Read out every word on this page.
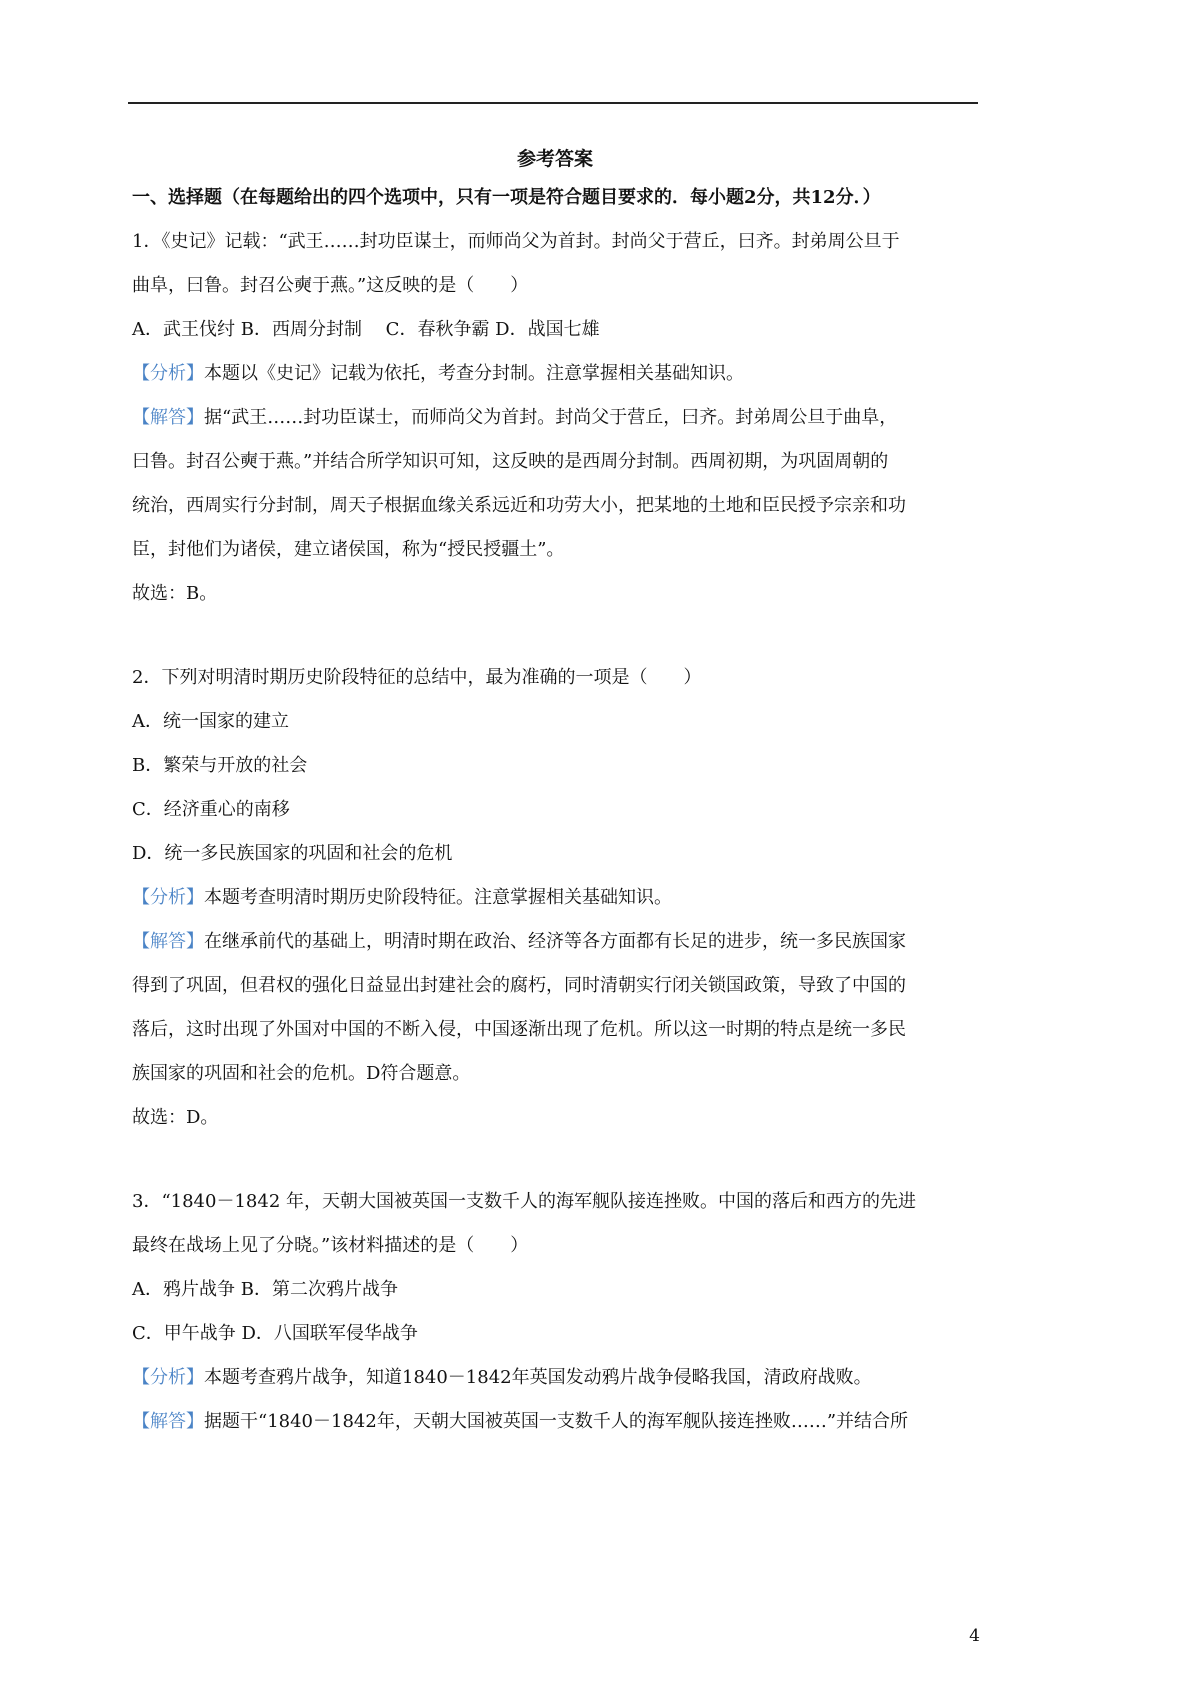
参考答案
一、选择题（在每题给出的四个选项中，只有一项是符合题目要求的．每小题2分，共12分．）
1．《史记》记载：“武王……封功臣谋士，而师尚父为首封。封尚父于营丘，曰齐。封弟周公旦于
曲阜，曰鲁。封召公奭于燕。”这反映的是（　　）
A．武王伐纣 B．西周分封制　 C．春秋争霸 D．战国七雄
【分析】本题以《史记》记载为依托，考查分封制。注意掌握相关基础知识。
【解答】据“武王……封功臣谋士，而师尚父为首封。封尚父于营丘，曰齐。封弟周公旦于曲阜，
曰鲁。封召公奭于燕。”并结合所学知识可知，这反映的是西周分封制。西周初期，为巩固周朝的
统治，西周实行分封制，周天子根据血缘关系远近和功劳大小，把某地的土地和臣民授予宗亲和功
臣，封他们为诸侯，建立诸侯国，称为“授民授疆土”。
故选：B。
2．下列对明清时期历史阶段特征的总结中，最为准确的一项是（　　）
A．统一国家的建立
B．繁荣与开放的社会
C．经济重心的南移
D．统一多民族国家的巩固和社会的危机
【分析】本题考查明清时期历史阶段特征。注意掌握相关基础知识。
【解答】在继承前代的基础上，明清时期在政治、经济等各方面都有长足的进步，统一多民族国家
得到了巩固，但君权的强化日益显出封建社会的腐朽，同时清朝实行闭关锁国政策，导致了中国的
落后，这时出现了外国对中国的不断入侵，中国逐渐出现了危机。所以这一时期的特点是统一多民
族国家的巩固和社会的危机。D符合题意。
故选：D。
3．“1840－1842 年，天朝大国被英国一支数千人的海军舰队接连挫败。中国的落后和西方的先进
最终在战场上见了分晓。”该材料描述的是（　　）
A．鸦片战争 B．第二次鸦片战争
C．甲午战争 D．八国联军侵华战争
【分析】本题考查鸦片战争，知道1840－1842年英国发动鸦片战争侵略我国，清政府战败。
【解答】据题干“1840－1842年，天朝大国被英国一支数千人的海军舰队接连挫败……”并结合所
4
